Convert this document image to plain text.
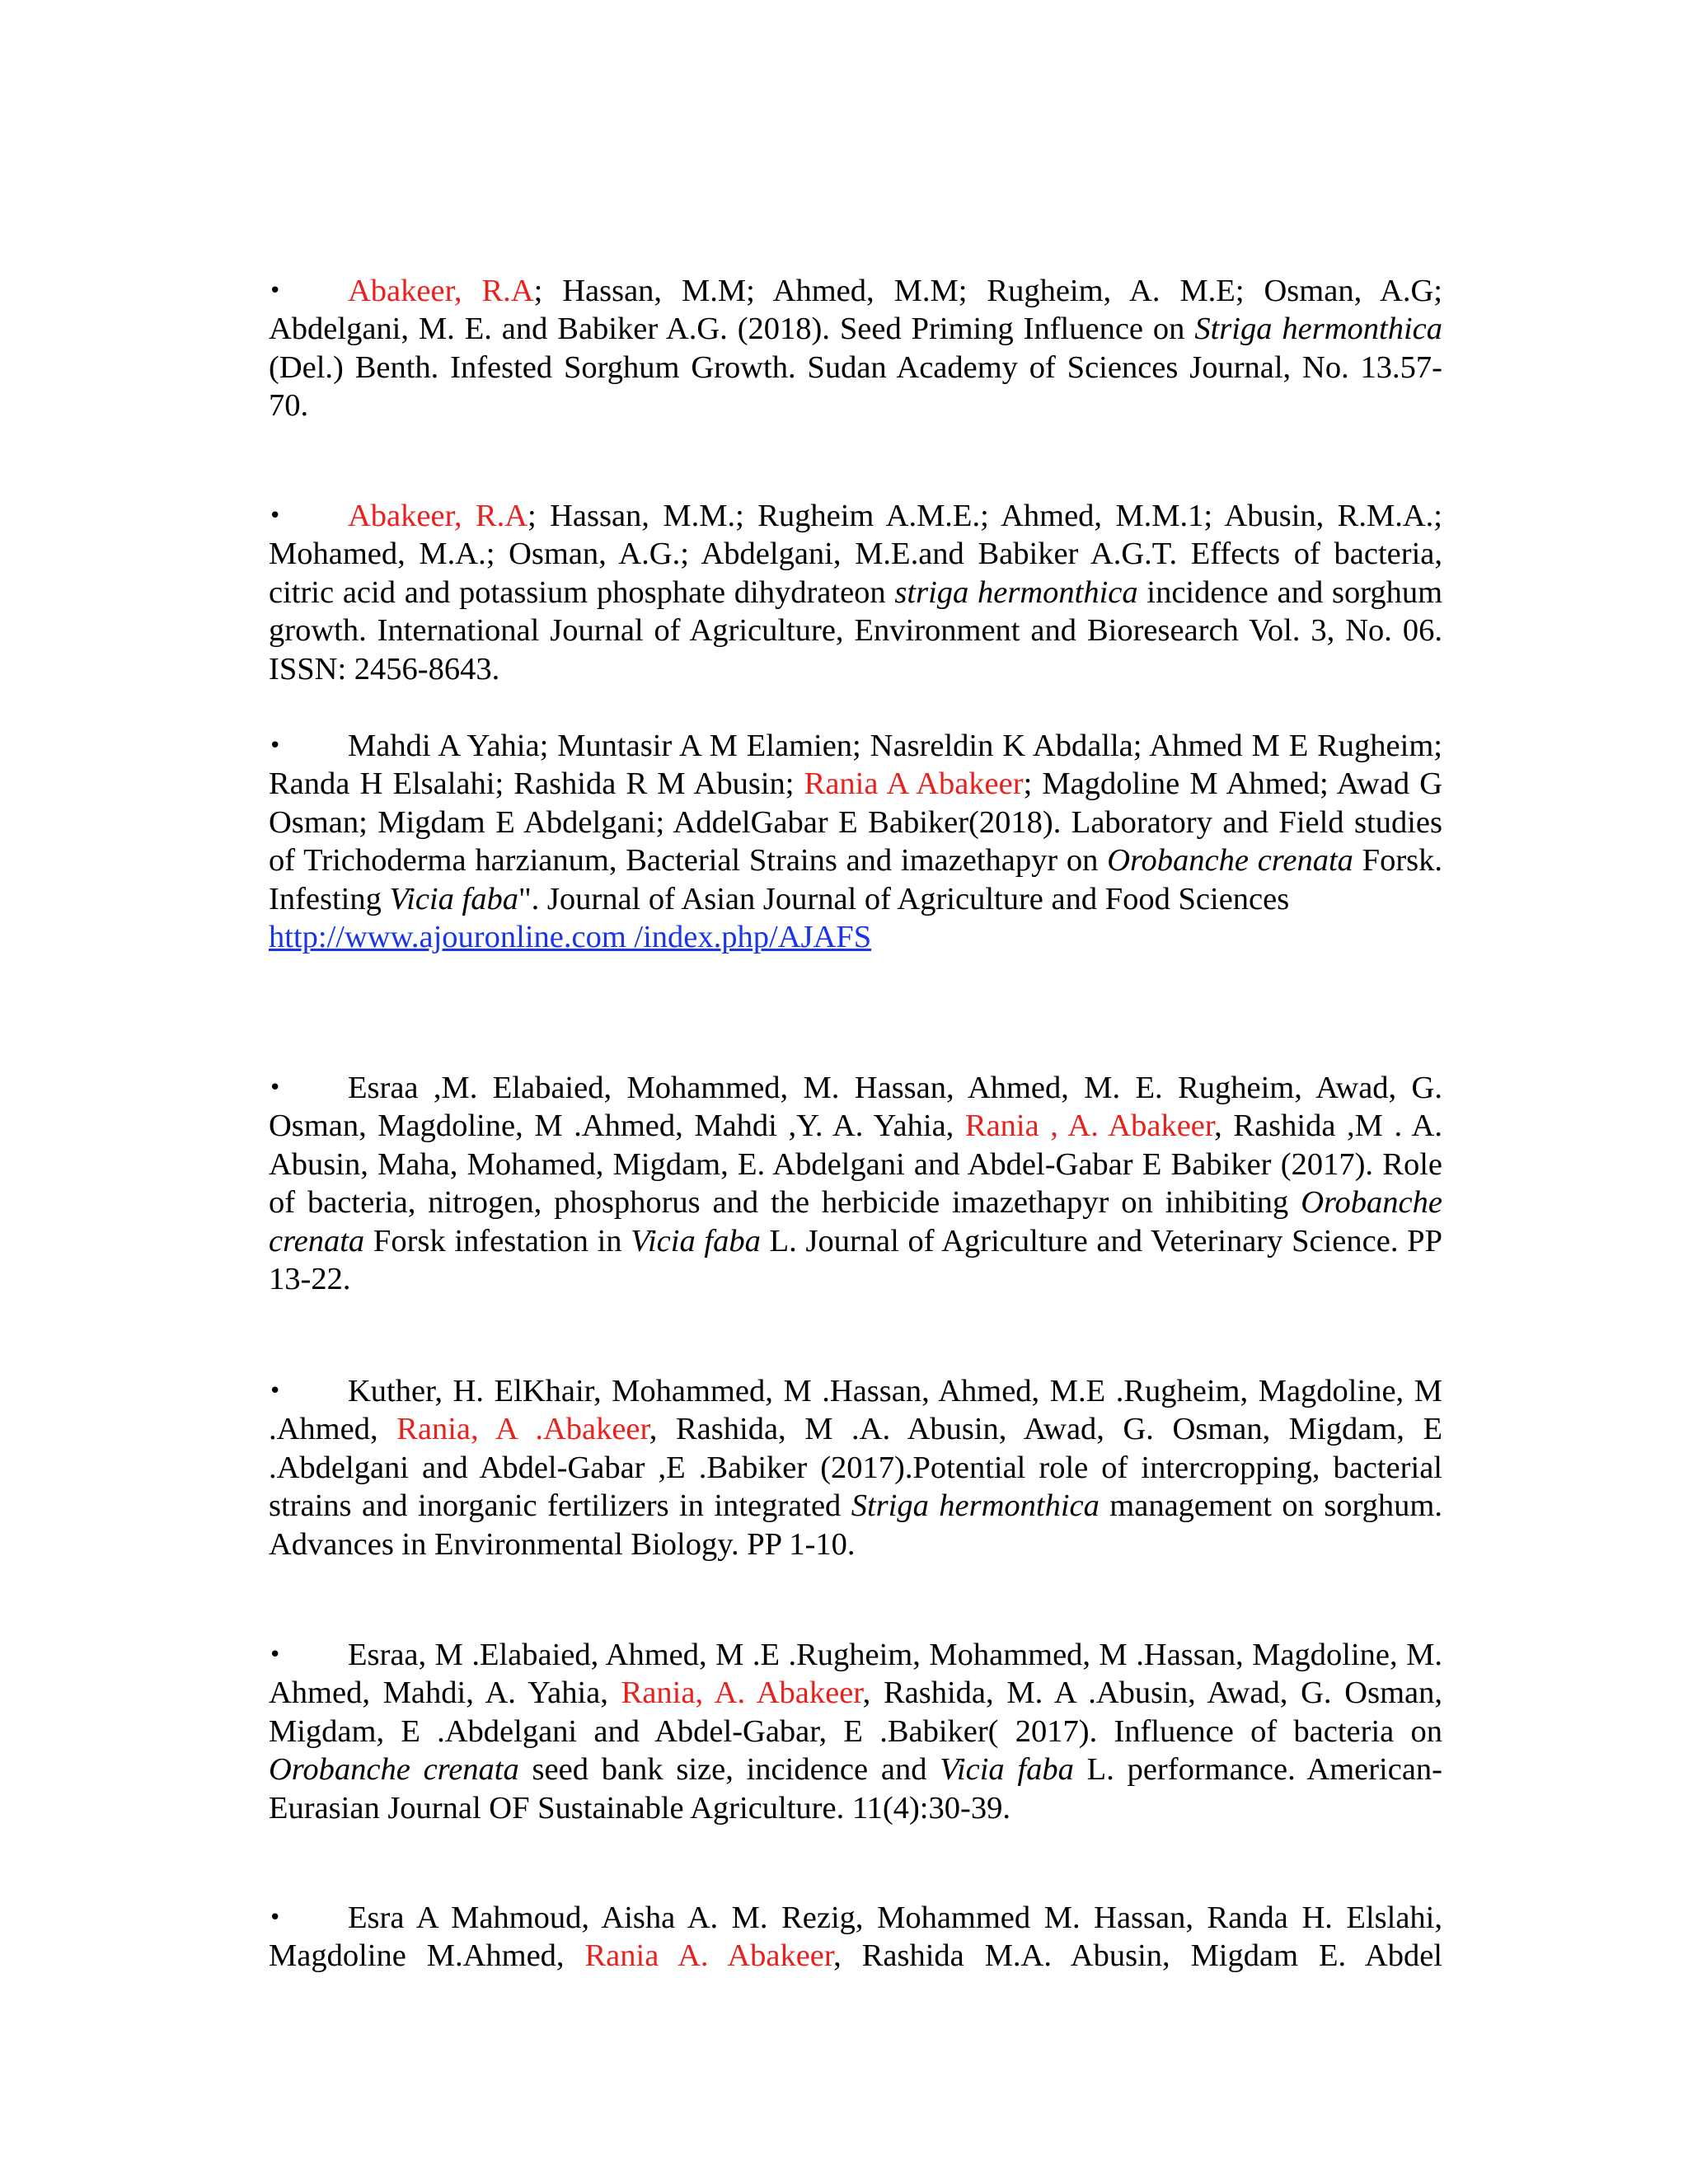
• Abakeer, R.A; Hassan, M.M; Ahmed, M.M; Rugheim, A. M.E; Osman, A.G; Abdelgani, M. E. and Babiker A.G. (2018). Seed Priming Influence on Striga hermonthica (Del.) Benth. Infested Sorghum Growth. Sudan Academy of Sciences Journal, No. 13.57-70.

• Abakeer, R.A; Hassan, M.M.; Rugheim A.M.E.; Ahmed, M.M.1; Abusin, R.M.A.; Mohamed, M.A.; Osman, A.G.; Abdelgani, M.E.and Babiker A.G.T. Effects of bacteria, citric acid and potassium phosphate dihydrateon striga hermonthica incidence and sorghum growth. International Journal of Agriculture, Environment and Bioresearch Vol. 3, No. 06. ISSN: 2456-8643.

• Mahdi A Yahia; Muntasir A M Elamien; Nasreldin K Abdalla; Ahmed M E Rugheim; Randa H Elsalahi; Rashida R M Abusin; Rania A Abakeer; Magdoline M Ahmed; Awad G Osman; Migdam E Abdelgani; AddelGabar E Babiker(2018). Laboratory and Field studies of Trichoderma harzianum, Bacterial Strains and imazethapyr on Orobanche crenata Forsk. Infesting Vicia faba". Journal of Asian Journal of Agriculture and Food Sciences
http://www.ajouronline.com /index.php/AJAFS

• Esraa ,M. Elabaied, Mohammed, M. Hassan, Ahmed, M. E. Rugheim, Awad, G. Osman, Magdoline, M .Ahmed, Mahdi ,Y. A. Yahia, Rania , A. Abakeer, Rashida ,M . A. Abusin, Maha, Mohamed, Migdam, E. Abdelgani and Abdel-Gabar E Babiker (2017). Role of bacteria, nitrogen, phosphorus and the herbicide imazethapyr on inhibiting Orobanche crenata Forsk infestation in Vicia faba L. Journal of Agriculture and Veterinary Science. PP 13-22.

• Kuther, H. ElKhair, Mohammed, M .Hassan, Ahmed, M.E .Rugheim, Magdoline, M .Ahmed, Rania, A .Abakeer, Rashida, M .A. Abusin, Awad, G. Osman, Migdam, E .Abdelgani and Abdel-Gabar ,E .Babiker (2017).Potential role of intercropping, bacterial strains and inorganic fertilizers in integrated Striga hermonthica management on sorghum. Advances in Environmental Biology. PP 1-10.

• Esraa, M .Elabaied, Ahmed, M .E .Rugheim, Mohammed, M .Hassan, Magdoline, M. Ahmed, Mahdi, A. Yahia, Rania, A. Abakeer, Rashida, M. A .Abusin, Awad, G. Osman, Migdam, E .Abdelgani and Abdel-Gabar, E .Babiker( 2017). Influence of bacteria on Orobanche crenata seed bank size, incidence and Vicia faba L. performance. American-Eurasian Journal OF Sustainable Agriculture. 11(4):30-39.

• Esra A Mahmoud, Aisha A. M. Rezig, Mohammed M. Hassan, Randa H. Elslahi, Magdoline M.Ahmed, Rania A. Abakeer, Rashida M.A. Abusin, Migdam E. Abdel
